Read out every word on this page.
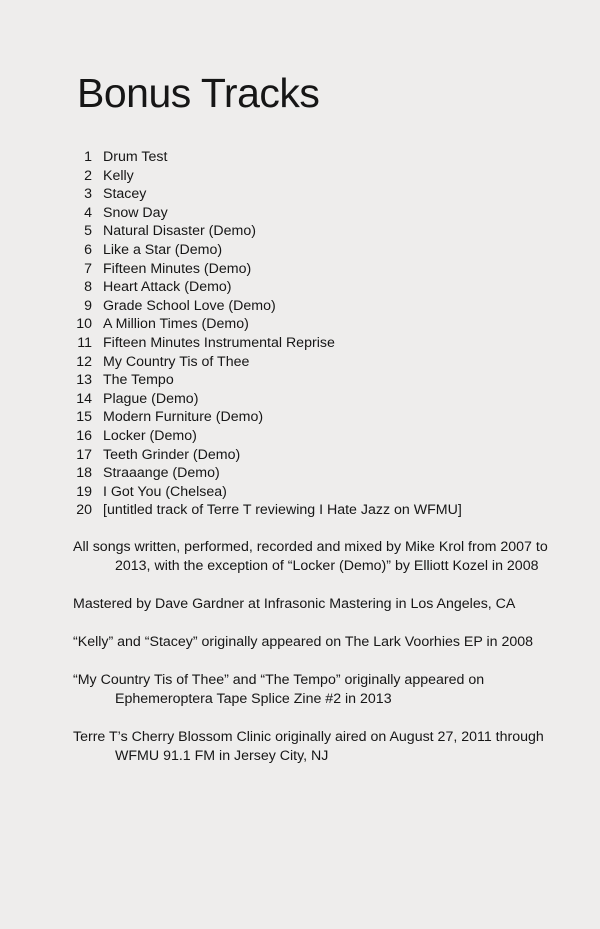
Bonus Tracks
1 Drum Test
2 Kelly
3 Stacey
4 Snow Day
5 Natural Disaster (Demo)
6 Like a Star (Demo)
7 Fifteen Minutes (Demo)
8 Heart Attack (Demo)
9 Grade School Love (Demo)
10 A Million Times (Demo)
11 Fifteen Minutes Instrumental Reprise
12 My Country Tis of Thee
13 The Tempo
14 Plague (Demo)
15 Modern Furniture (Demo)
16 Locker (Demo)
17 Teeth Grinder (Demo)
18 Straaange (Demo)
19 I Got You (Chelsea)
20 [untitled track of Terre T reviewing I Hate Jazz on WFMU]

All songs written, performed, recorded and mixed by Mike Krol from 2007 to 2013, with the exception of “Locker (Demo)” by Elliott Kozel in 2008

Mastered by Dave Gardner at Infrasonic Mastering in Los Angeles, CA

“Kelly” and “Stacey” originally appeared on The Lark Voorhies EP in 2008

“My Country Tis of Thee” and “The Tempo” originally appeared on Ephemeroptera Tape Splice Zine #2 in 2013

Terre T’s Cherry Blossom Clinic originally aired on August 27, 2011 through WFMU 91.1 FM in Jersey City, NJ
